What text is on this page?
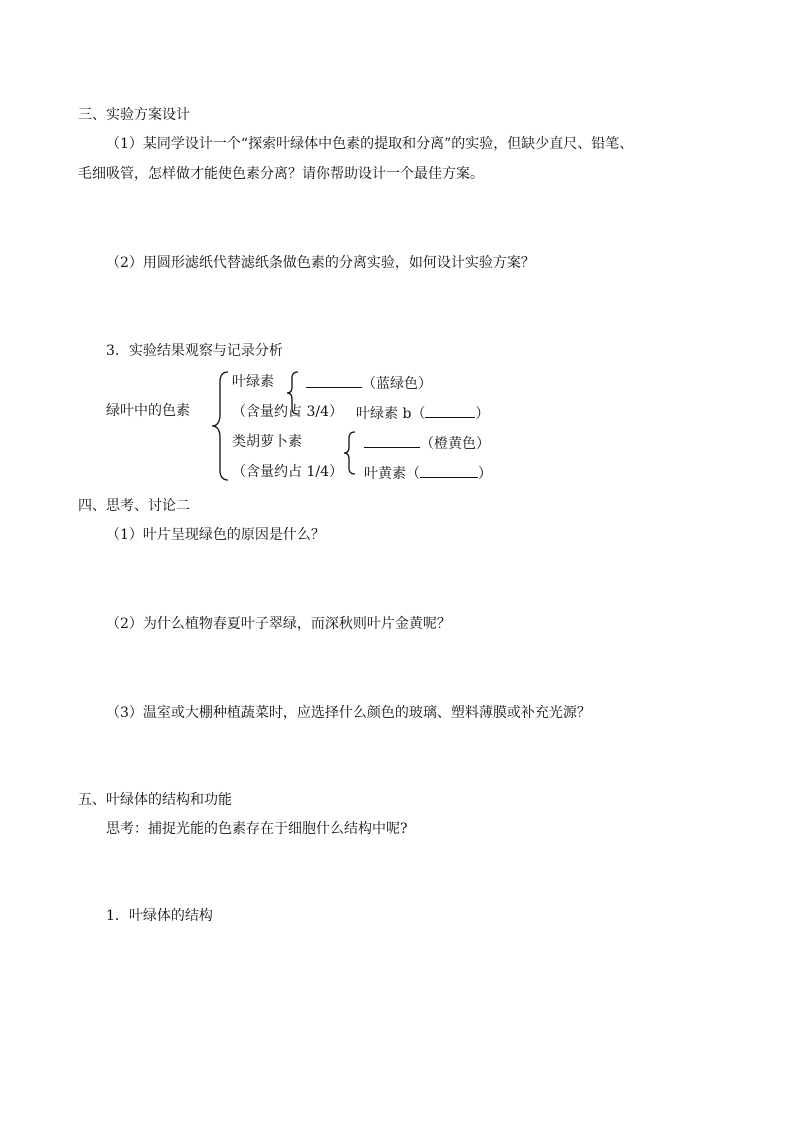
三、实验方案设计
（1）某同学设计一个“探索叶绿体中色素的提取和分离”的实验，但缺少直尺、铅笔、
毛细吸管，怎样做才能使色素分离？请你帮助设计一个最佳方案。
（2）用圆形滤纸代替滤纸条做色素的分离实验，如何设计实验方案？
3．实验结果观察与记录分析
绿叶中的色素
叶绿素	（蓝绿色）
（含量约占 3/4） 叶绿素 b（	）
类胡萝卜素	（橙黄色）
（含量约占 1/4） 叶黄素（	）
四、思考、讨论二
（1）叶片呈现绿色的原因是什么？
（2）为什么植物春夏叶子翠绿，而深秋则叶片金黄呢？
（3）温室或大棚种植蔬菜时，应选择什么颜色的玻璃、塑料薄膜或补充光源？
五、叶绿体的结构和功能
思考：捕捉光能的色素存在于细胞什么结构中呢?
1．叶绿体的结构
